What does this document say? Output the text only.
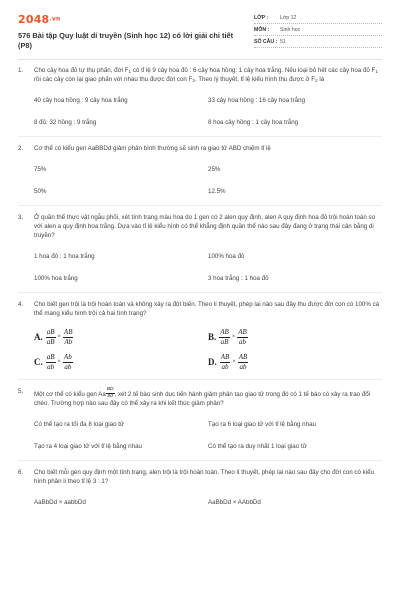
2048.vn
576 Bài tập Quy luật di truyền (Sinh học 12) có lời giải chi tiết (P8)
LỚP :	Lớp 12
MÔN :	Sinh học
SỐ CÂU : 51
1.	Cho cây hoa đỏ tự thụ phấn, đời $F_1$ có tỉ lệ 9 cây hoa đỏ : 6 cây hoa hồng: 1 cây hoa trắng. Nếu loại bỏ hết các cây hoa đỏ $F_1$ rồi các cây còn lại giao phấn với nhau thu được đời con $F_2$. Theo lý thuyết, tỉ lệ kiểu hình thu được ở $F_2$ là
40 cây hoa hồng : 9 cây hoa trắng	33 cây hoa hồng : 16 cây hoa trắng
8 đỏ: 32 hồng : 9 trắng	8 hoa cây hồng : 1 cây hoa trắng
2.	Cơ thể có kiểu gen AaBBDd giảm phân bình thường sẽ sinh ra giao tử ABD chiếm tỉ lệ
75%	25%
50%	12.5%
3.	Ở quần thể thực vật ngẫu phối, xét tính trạng màu hoa do 1 gen có 2 alen quy định, alen A quy định hoa đỏ trội hoàn toàn so với alen a quy định hoa trắng. Dựa vào tỉ lệ kiểu hình có thể khẳng định quần thể nào sau đây đang ở trạng thái cân bằng di truyền?
1 hoa đỏ : 1 hoa trắng	100% hoa đỏ
100% hoa trắng	3 hoa trắng : 1 hoa đỏ
4.	Cho biết gen trội là trội hoàn toàn và không xảy ra đột biến. Theo lí thuyết, phép lai nào sau đây thu được đời con có 100% cá thể mang kiểu hình trội cả hai tính trạng?
A. $\frac{aB}{aB} \times \frac{AB}{Ab}$	B. $\frac{AB}{aB} \times \frac{AB}{ab}$
C. $\frac{aB}{ab} \times \frac{Ab}{ab}$	D. $\frac{AB}{ab} \times \frac{AB}{ab}$
5.	Một cơ thể có kiểu gen Aa $\frac{BD}{bd}$ , xét 2 tế bào sinh dục tiến hành giảm phân tạo giao tử trong đó có 1 tế bào có xảy ra trao đổi chéo. Trường hợp nào sau đây có thể xảy ra khi kết thúc giảm phân?
Có thể tạo ra tối đa 8 loại giao tử	Tạo ra 6 loại giao tử với tỉ lệ bằng nhau
Tạo ra 4 loại giao tử với tỉ lệ bằng nhau	Có thể tạo ra duy nhất 1 loại giao tử
6.	Cho biết mỗi gen quy định một tính trạng, alen trội là trội hoàn toàn. Theo lí thuyết, phép lai nào sau đây cho đời con có kiểu hình phân li theo tỉ lệ 3 : 1?
AaBbDd × aabbDd	AaBbDd × AAbbDd
